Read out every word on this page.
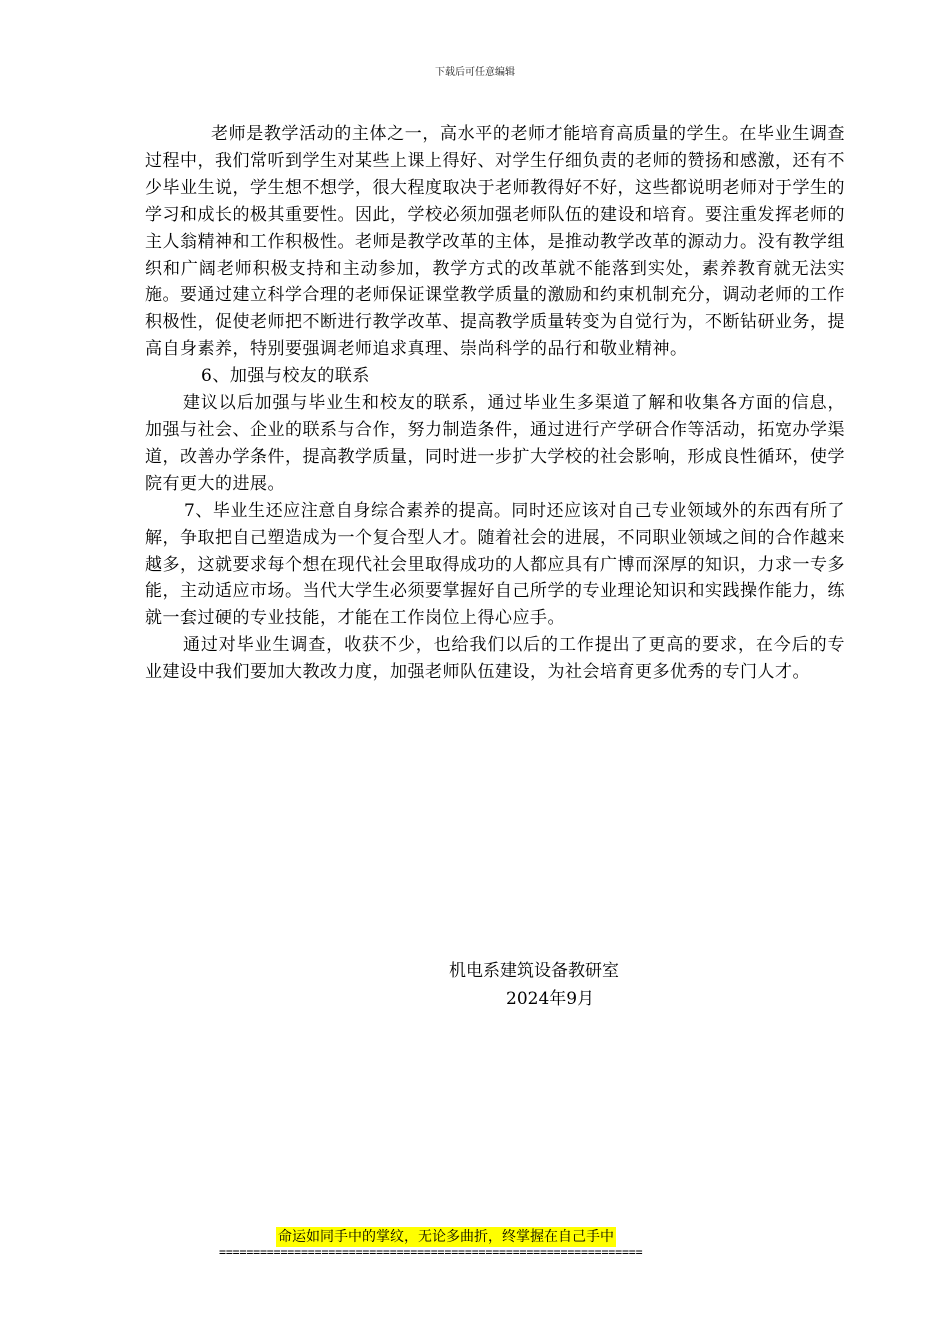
下载后可任意编辑

老师是教学活动的主体之一，高水平的老师才能培育高质量的学生。在毕业生调查过程中，我们常听到学生对某些上课上得好、对学生仔细负责的老师的赞扬和感激，还有不少毕业生说，学生想不想学，很大程度取决于老师教得好不好，这些都说明老师对于学生的学习和成长的极其重要性。因此，学校必须加强老师队伍的建设和培育。要注重发挥老师的主人翁精神和工作积极性。老师是教学改革的主体，是推动教学改革的源动力。没有教学组织和广阔老师积极支持和主动参加，教学方式的改革就不能落到实处，素养教育就无法实施。要通过建立科学合理的老师保证课堂教学质量的激励和约束机制充分，调动老师的工作积极性，促使老师把不断进行教学改革、提高教学质量转变为自觉行为，不断钻研业务，提高自身素养，特别要强调老师追求真理、崇尚科学的品行和敬业精神。

6、加强与校友的联系

建议以后加强与毕业生和校友的联系，通过毕业生多渠道了解和收集各方面的信息，加强与社会、企业的联系与合作，努力制造条件，通过进行产学研合作等活动，拓宽办学渠道，改善办学条件，提高教学质量，同时进一步扩大学校的社会影响，形成良性循环，使学院有更大的进展。

7、毕业生还应注意自身综合素养的提高。同时还应该对自己专业领域外的东西有所了解，争取把自己塑造成为一个复合型人才。随着社会的进展，不同职业领域之间的合作越来越多，这就要求每个想在现代社会里取得成功的人都应具有广博而深厚的知识，力求一专多能，主动适应市场。当代大学生必须要掌握好自己所学的专业理论知识和实践操作能力，练就一套过硬的专业技能，才能在工作岗位上得心应手。

通过对毕业生调查，收获不少，也给我们以后的工作提出了更高的要求，在今后的专业建设中我们要加大教改力度，加强老师队伍建设，为社会培育更多优秀的专门人才。

机电系建筑设备教研室
2024年9月
命运如同手中的掌纹，无论多曲折，终掌握在自己手中
==============================================================
